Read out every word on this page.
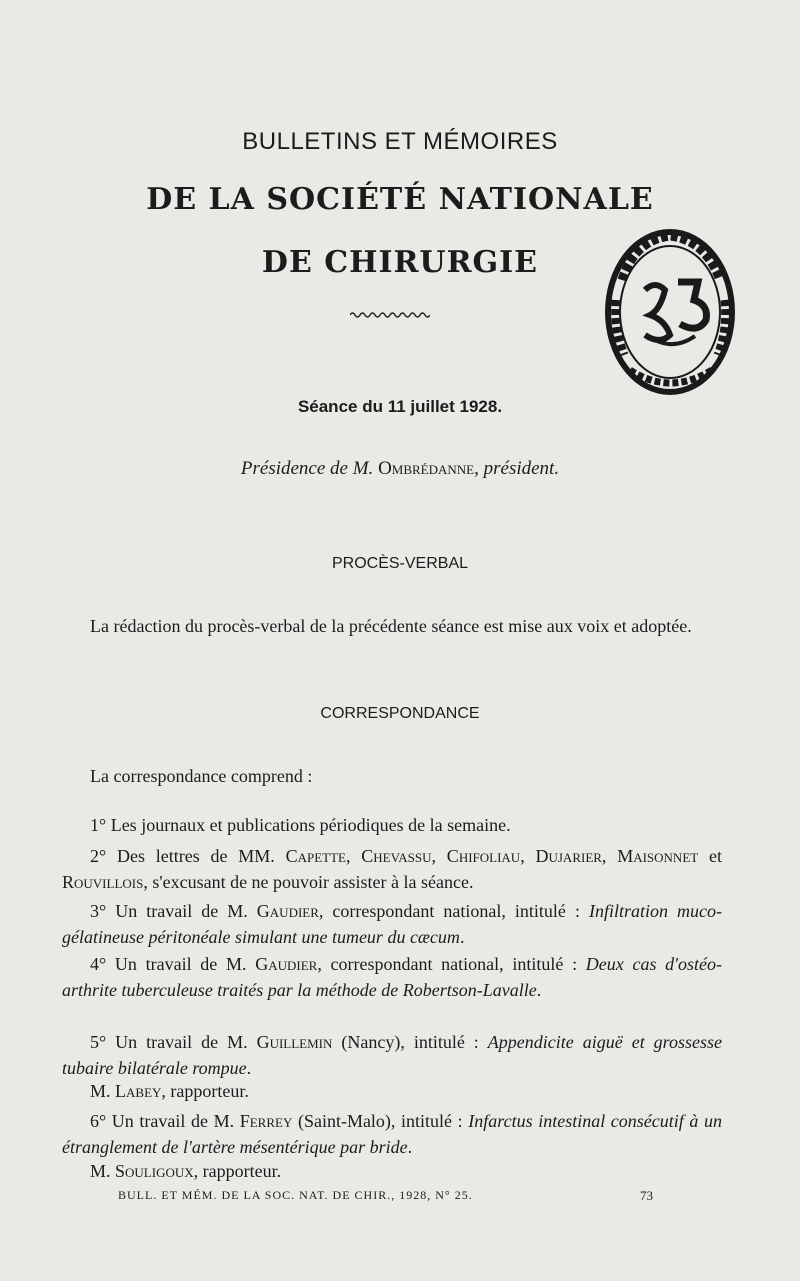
BULLETINS ET MÉMOIRES
DE LA SOCIÉTÉ NATIONALE
DE CHIRURGIE
Séance du 11 juillet 1928.
Présidence de M. Ombrédanne, président.
PROCÈS-VERBAL

La rédaction du procès-verbal de la précédente séance est mise aux voix et adoptée.

CORRESPONDANCE

La correspondance comprend :

1° Les journaux et publications périodiques de la semaine.

2° Des lettres de MM. Capette, Chevassu, Chifoliau, Dujarier, Maisonnet et Rouvillois, s'excusant de ne pouvoir assister à la séance.

3° Un travail de M. Gaudier, correspondant national, intitulé : Infiltration muco-gélatineuse péritonéale simulant une tumeur du cæcum.

4° Un travail de M. Gaudier, correspondant national, intitulé : Deux cas d'ostéo-arthrite tuberculeuse traités par la méthode de Robertson-Lavalle.

5° Un travail de M. Guillemin (Nancy), intitulé : Appendicite aiguë et grossesse tubaire bilatérale rompue.

M. Labey, rapporteur.

6° Un travail de M. Ferrey (Saint-Malo), intitulé : Infarctus intestinal consécutif à un étranglement de l'artère mésentérique par bride.

M. Souligoux, rapporteur.

BULL. ET MÉM. DE LA SOC. NAT. DE CHIR., 1928, N° 25.	73
